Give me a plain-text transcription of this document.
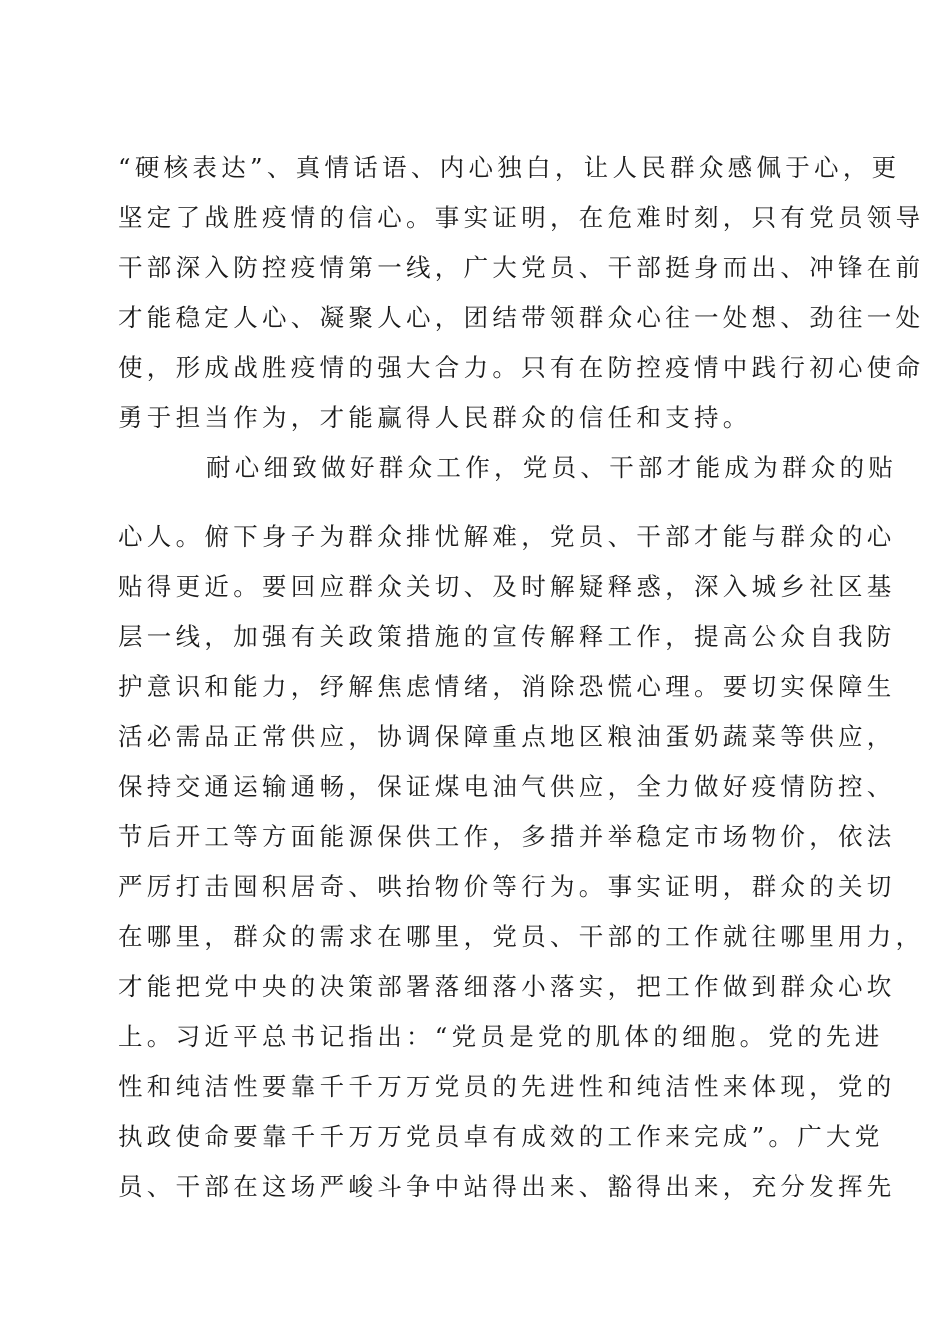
“硬核表达”、真情话语、内心独白，让人民群众感佩于心，更
坚定了战胜疫情的信心。事实证明，在危难时刻，只有党员领导
干部深入防控疫情第一线，广大党员、干部挺身而出、冲锋在前
才能稳定人心、凝聚人心，团结带领群众心往一处想、劲往一处
使，形成战胜疫情的强大合力。只有在防控疫情中践行初心使命
勇于担当作为，才能赢得人民群众的信任和支持。
耐心细致做好群众工作，党员、干部才能成为群众的贴
心人。俯下身子为群众排忧解难，党员、干部才能与群众的心
贴得更近。要回应群众关切、及时解疑释惑，深入城乡社区基
层一线，加强有关政策措施的宣传解释工作，提高公众自我防
护意识和能力，纾解焦虑情绪，消除恐慌心理。要切实保障生
活必需品正常供应，协调保障重点地区粮油蛋奶蔬菜等供应，
保持交通运输通畅，保证煤电油气供应，全力做好疫情防控、
节后开工等方面能源保供工作，多措并举稳定市场物价，依法
严厉打击囤积居奇、哄抬物价等行为。事实证明，群众的关切
在哪里，群众的需求在哪里，党员、干部的工作就往哪里用力，
才能把党中央的决策部署落细落小落实，把工作做到群众心坎
上。习近平总书记指出：“党员是党的肌体的细胞。党的先进
性和纯洁性要靠千千万万党员的先进性和纯洁性来体现，党的
执政使命要靠千千万万党员卓有成效的工作来完成”。广大党
员、干部在这场严峻斗争中站得出来、豁得出来，充分发挥先
